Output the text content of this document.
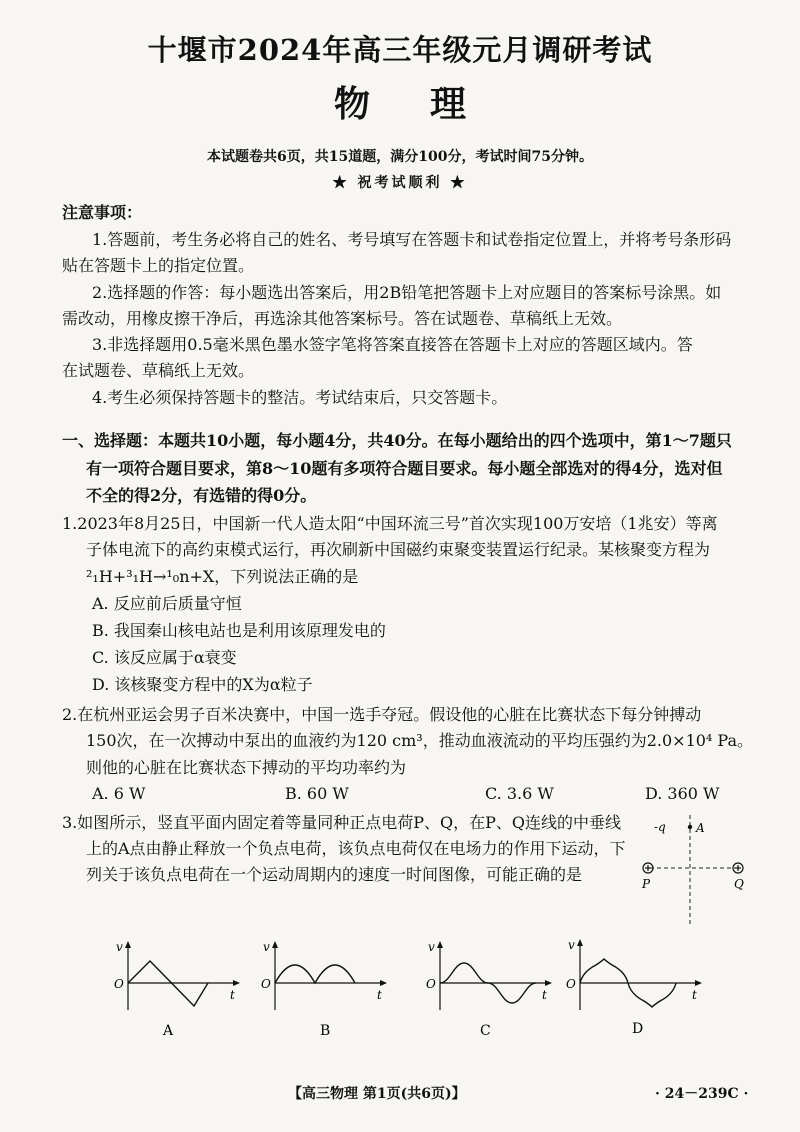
十堰市2024年高三年级元月调研考试
物理
本试题卷共6页，共15道题，满分100分，考试时间75分钟。
★ 祝考试顺利 ★
注意事项：
1.答题前，考生务必将自己的姓名、考号填写在答题卡和试卷指定位置上，并将考号条形码
贴在答题卡上的指定位置。
2.选择题的作答：每小题选出答案后，用2B铅笔把答题卡上对应题目的答案标号涂黑。如
需改动，用橡皮擦干净后，再选涂其他答案标号。答在试题卷、草稿纸上无效。
3.非选择题用0.5毫米黑色墨水签字笔将答案直接答在答题卡上对应的答题区域内。答
在试题卷、草稿纸上无效。
4.考生必须保持答题卡的整洁。考试结束后，只交答题卡。
一、选择题：本题共10小题，每小题4分，共40分。在每小题给出的四个选项中，第1～7题只
有一项符合题目要求，第8～10题有多项符合题目要求。每小题全部选对的得4分，选对但
不全的得2分，有选错的得0分。
1.2023年8月25日，中国新一代人造太阳“中国环流三号”首次实现100万安培（1兆安）等离
子体电流下的高约束模式运行，再次刷新中国磁约束聚变装置运行纪录。某核聚变方程为
²₁H+³₁H→¹₀n+X，下列说法正确的是
A. 反应前后质量守恒
B. 我国秦山核电站也是利用该原理发电的
C. 该反应属于α衰变
D. 该核聚变方程中的X为α粒子
2.在杭州亚运会男子百米决赛中，中国一选手夺冠。假设他的心脏在比赛状态下每分钟搏动
150次，在一次搏动中泵出的血液约为120 cm³，推动血液流动的平均压强约为2.0×10⁴ Pa。
则他的心脏在比赛状态下搏动的平均功率约为
A. 6 W	B. 60 W	C. 3.6 W	D. 360 W
3.如图所示，竖直平面内固定着等量同种正点电荷P、Q，在P、Q连线的中垂线
上的A点由静止释放一个负点电荷，该负点电荷仅在电场力的作用下运动，下
列关于该负点电荷在一个运动周期内的速度一时间图像，可能正确的是
-q	A
P	Q
v
O
t
A
v
O
t
B
v
O
t
C
v
O
t
D
【高三物理 第1页(共6页)】	· 24－239C ·
